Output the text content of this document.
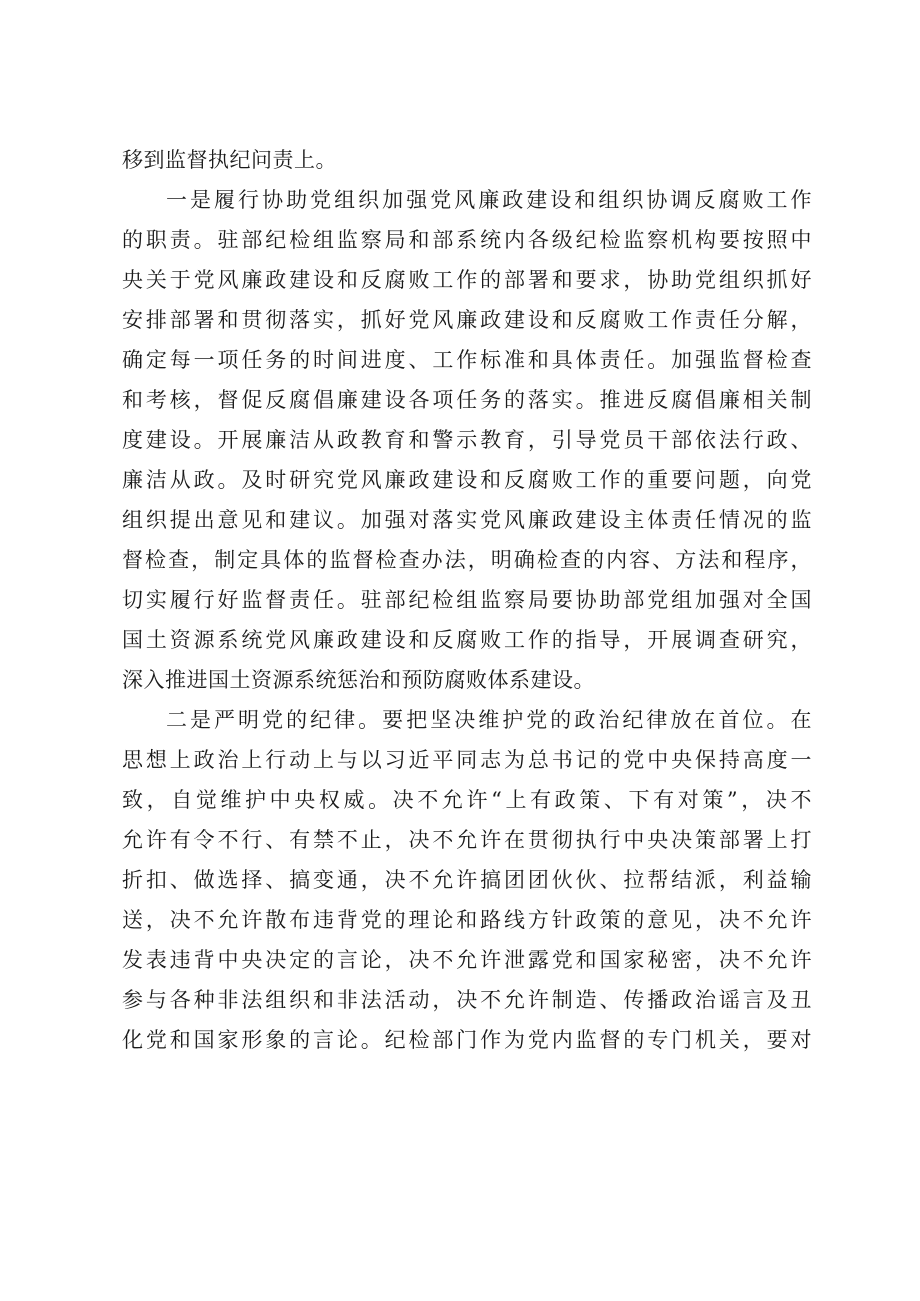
移到监督执纪问责上。
一是履行协助党组织加强党风廉政建设和组织协调反腐败工作
的职责。驻部纪检组监察局和部系统内各级纪检监察机构要按照中
央关于党风廉政建设和反腐败工作的部署和要求，协助党组织抓好
安排部署和贯彻落实，抓好党风廉政建设和反腐败工作责任分解，
确定每一项任务的时间进度、工作标准和具体责任。加强监督检查
和考核，督促反腐倡廉建设各项任务的落实。推进反腐倡廉相关制
度建设。开展廉洁从政教育和警示教育，引导党员干部依法行政、
廉洁从政。及时研究党风廉政建设和反腐败工作的重要问题，向党
组织提出意见和建议。加强对落实党风廉政建设主体责任情况的监
督检查，制定具体的监督检查办法，明确检查的内容、方法和程序，
切实履行好监督责任。驻部纪检组监察局要协助部党组加强对全国
国土资源系统党风廉政建设和反腐败工作的指导，开展调查研究，
深入推进国土资源系统惩治和预防腐败体系建设。
二是严明党的纪律。要把坚决维护党的政治纪律放在首位。在
思想上政治上行动上与以习近平同志为总书记的党中央保持高度一
致，自觉维护中央权威。决不允许“上有政策、下有对策”，决不
允许有令不行、有禁不止，决不允许在贯彻执行中央决策部署上打
折扣、做选择、搞变通，决不允许搞团团伙伙、拉帮结派，利益输
送，决不允许散布违背党的理论和路线方针政策的意见，决不允许
发表违背中央决定的言论，决不允许泄露党和国家秘密，决不允许
参与各种非法组织和非法活动，决不允许制造、传播政治谣言及丑
化党和国家形象的言论。纪检部门作为党内监督的专门机关，要对
